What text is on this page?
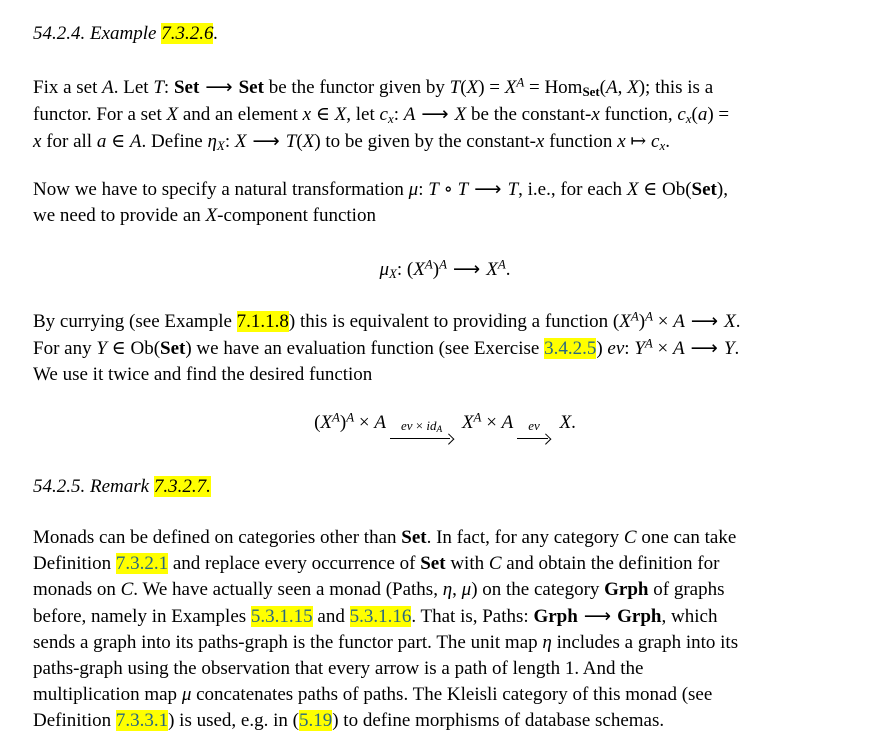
54.2.4. Example 7.3.2.6.
Fix a set A. Let T: Set ⟶ Set be the functor given by $T(X) = X^A = Hom_{Set}(A$, X); this is a
functor. For a set X and an element x ∈ X, let $c_x$: A ⟶ X be the constant-x function, $c_x(a)$ =
x for all a ∈ A. Define $\eta_X$: X ⟶ T(X) to be given by the constant-x function x ↦ $c_x$.
Now we have to specify a natural transformation μ: T ∘ T ⟶ T, i.e., for each X ∈ Ob(Set),
we need to provide an X-component function
$\mu_X$: $(X^A)^A$ ⟶ $X^A$.
By currying (see Example 7.1.1.8) this is equivalent to providing a function $(X^A)^A \times A$ ⟶ X.
For any Y ∈ Ob(Set) we have an evaluation function (see Exercise 3.4.2.5) ev: $Y^A \times A$ ⟶ Y.
We use it twice and find the desired function
$(X^A)^A \times A$	ev × $id_A$	$X^A \times A$	ev	X.
54.2.5. Remark 7.3.2.7.
Monads can be defined on categories other than Set. In fact, for any category C one can take
Definition 7.3.2.1 and replace every occurrence of Set with C and obtain the definition for
monads on C. We have actually seen a monad (Paths, η, μ) on the category Grph of graphs
before, namely in Examples 5.3.1.15 and 5.3.1.16. That is, Paths: Grph ⟶ Grph, which
sends a graph into its paths-graph is the functor part. The unit map η includes a graph into its
paths-graph using the observation that every arrow is a path of length 1. And the
multiplication map μ concatenates paths of paths. The Kleisli category of this monad (see
Definition 7.3.3.1) is used, e.g. in (5.19) to define morphisms of database schemas.
